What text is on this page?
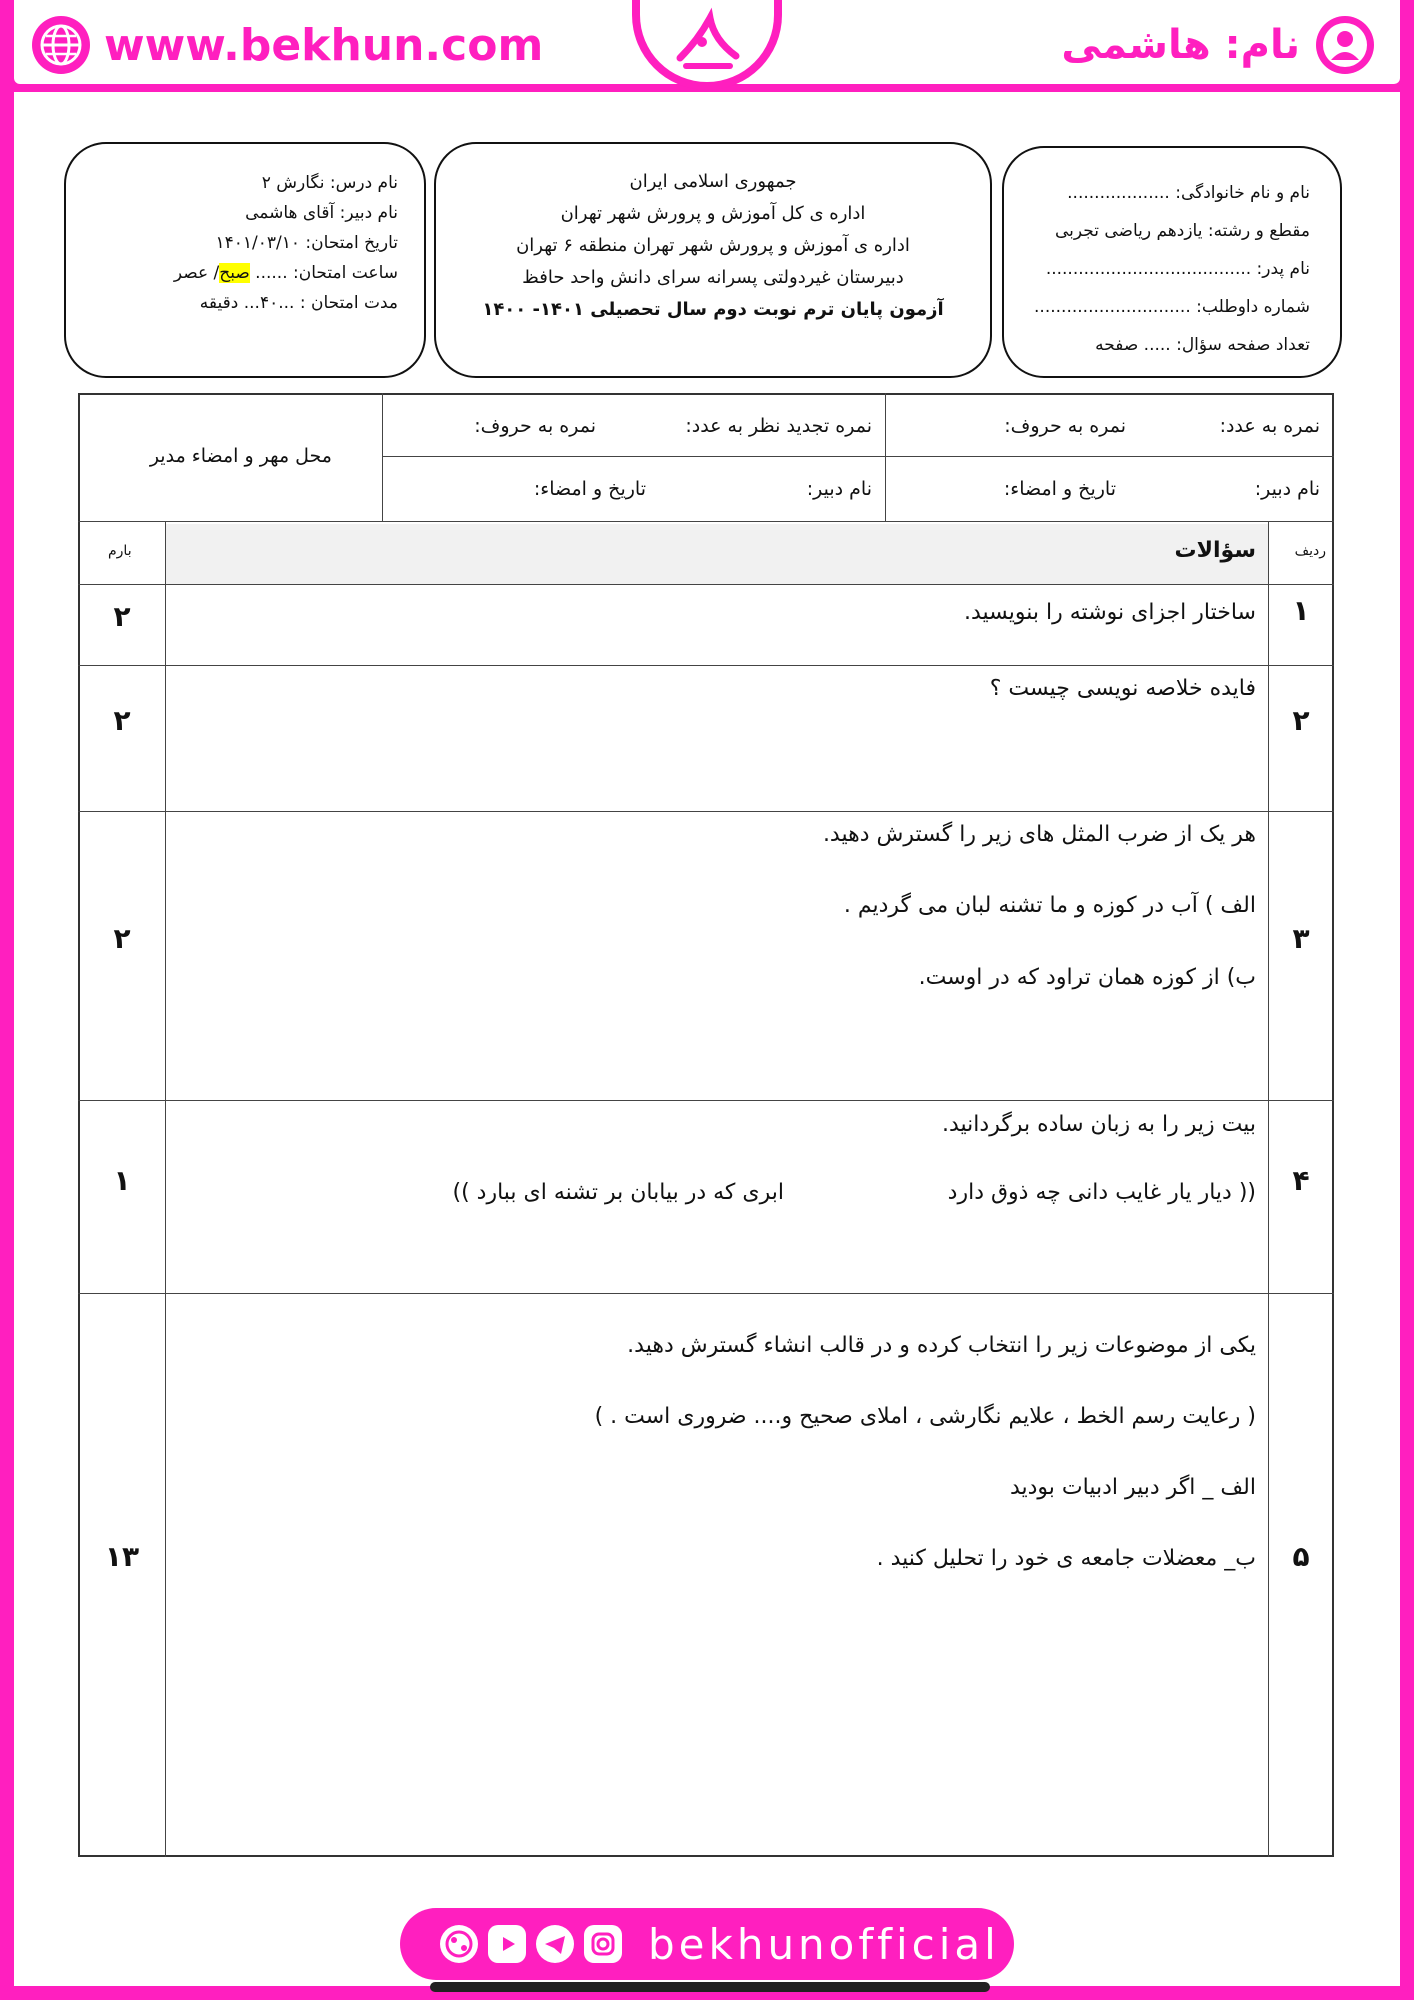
www.bekhun.com	نام: هاشمی
نام درس: نگارش ۲
نام دبیر: آقای هاشمی
تاریخ امتحان: ۱۴۰۱/۰۳/۱۰
ساعت امتحان: ...... صبح/ عصر
مدت امتحان : ...۴۰... دقیقه
جمهوری اسلامی ایران
اداره ی کل آموزش و پرورش شهر تهران
اداره ی آموزش و پرورش شهر تهران منطقه ۶ تهران
دبیرستان غیردولتی پسرانه سرای دانش واحد حافظ
آزمون پایان ترم نوبت دوم سال تحصیلی ۱۴۰۱- ۱۴۰۰
نام و نام خانوادگی: ...................
مقطع و رشته: یازدهم ریاضی تجربی
نام پدر: ......................................
شماره داوطلب: .............................
تعداد صفحه سؤال: ..... صفحه
نمره به عدد:
نمره به حروف:
نام دبیر:
تاریخ و امضاء:
نمره تجدید نظر به عدد:
نمره به حروف:
نام دبیر:
تاریخ و امضاء:
محل مهر و امضاء مدیر
ردیف
سؤالات
بارم
۱
۲	ساختار اجزای نوشته را بنویسید.
۲
۲
فایده خلاصه نویسی چیست ؟
۳
۲
هر یک از ضرب المثل های زیر را گسترش دهید.
الف ) آب در کوزه و ما تشنه لبان می گردیم .
ب) از کوزه همان تراود که در اوست.
۴
۱
بیت زیر را به زبان ساده برگردانید.
(( دیار یار غایب دانی چه ذوق دارد
ابری که در بیابان بر تشنه ای ببارد ))
۵
۱۳
یکی از موضوعات زیر را انتخاب کرده و در قالب انشاء گسترش دهید.
( رعایت رسم الخط ، علایم نگارشی ، املای صحیح و.... ضروری است . )
الف _ اگر دبیر ادبیات بودید
ب_ معضلات جامعه ی خود را تحلیل کنید .
bekhunofficial
